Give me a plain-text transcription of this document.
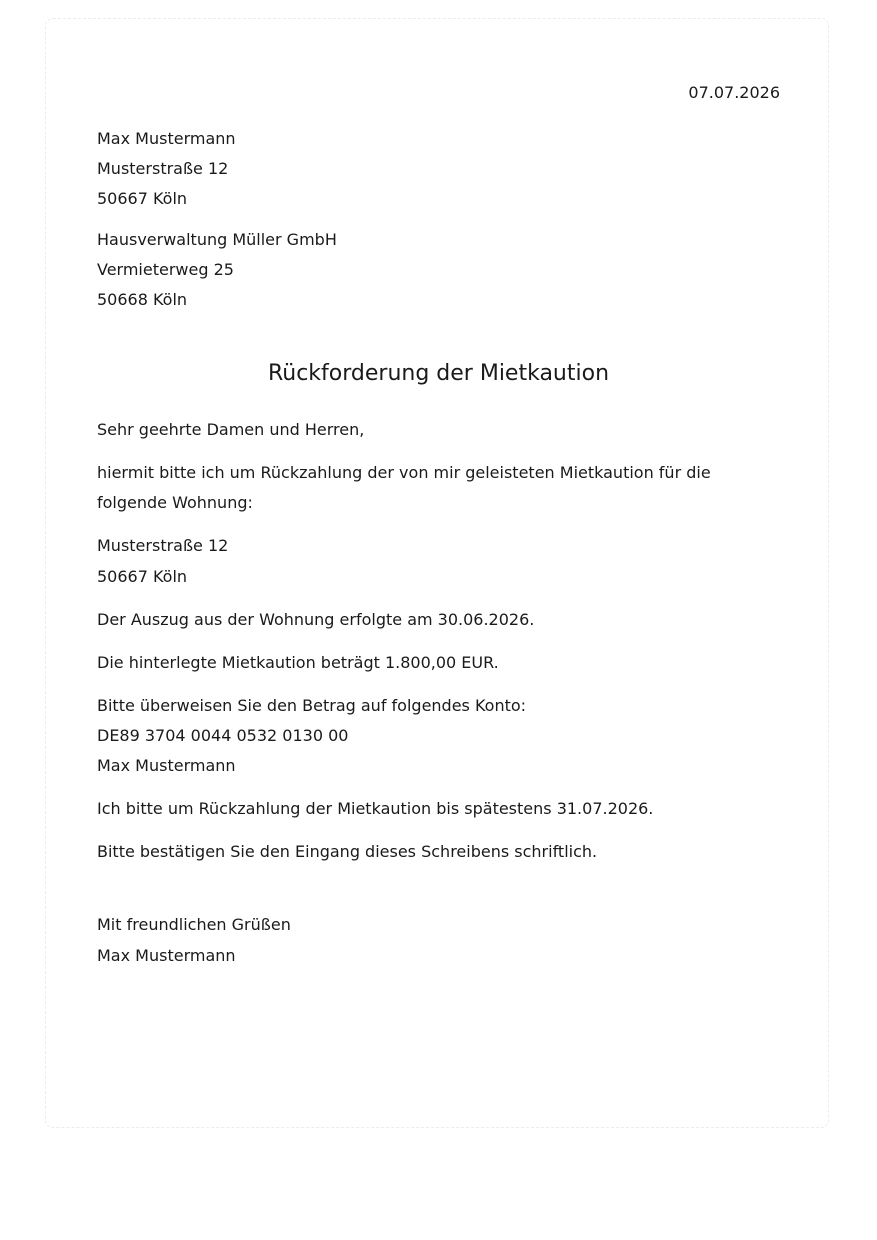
07.07.2026
Max Mustermann
Musterstraße 12
50667 Köln
Hausverwaltung Müller GmbH
Vermieterweg 25
50668 Köln
Rückforderung der Mietkaution
Sehr geehrte Damen und Herren,
hiermit bitte ich um Rückzahlung der von mir geleisteten Mietkaution für die
folgende Wohnung:
Musterstraße 12
50667 Köln
Der Auszug aus der Wohnung erfolgte am 30.06.2026.
Die hinterlegte Mietkaution beträgt 1.800,00 EUR.
Bitte überweisen Sie den Betrag auf folgendes Konto:
DE89 3704 0044 0532 0130 00
Max Mustermann
Ich bitte um Rückzahlung der Mietkaution bis spätestens 31.07.2026.
Bitte bestätigen Sie den Eingang dieses Schreibens schriftlich.
Mit freundlichen Grüßen
Max Mustermann
